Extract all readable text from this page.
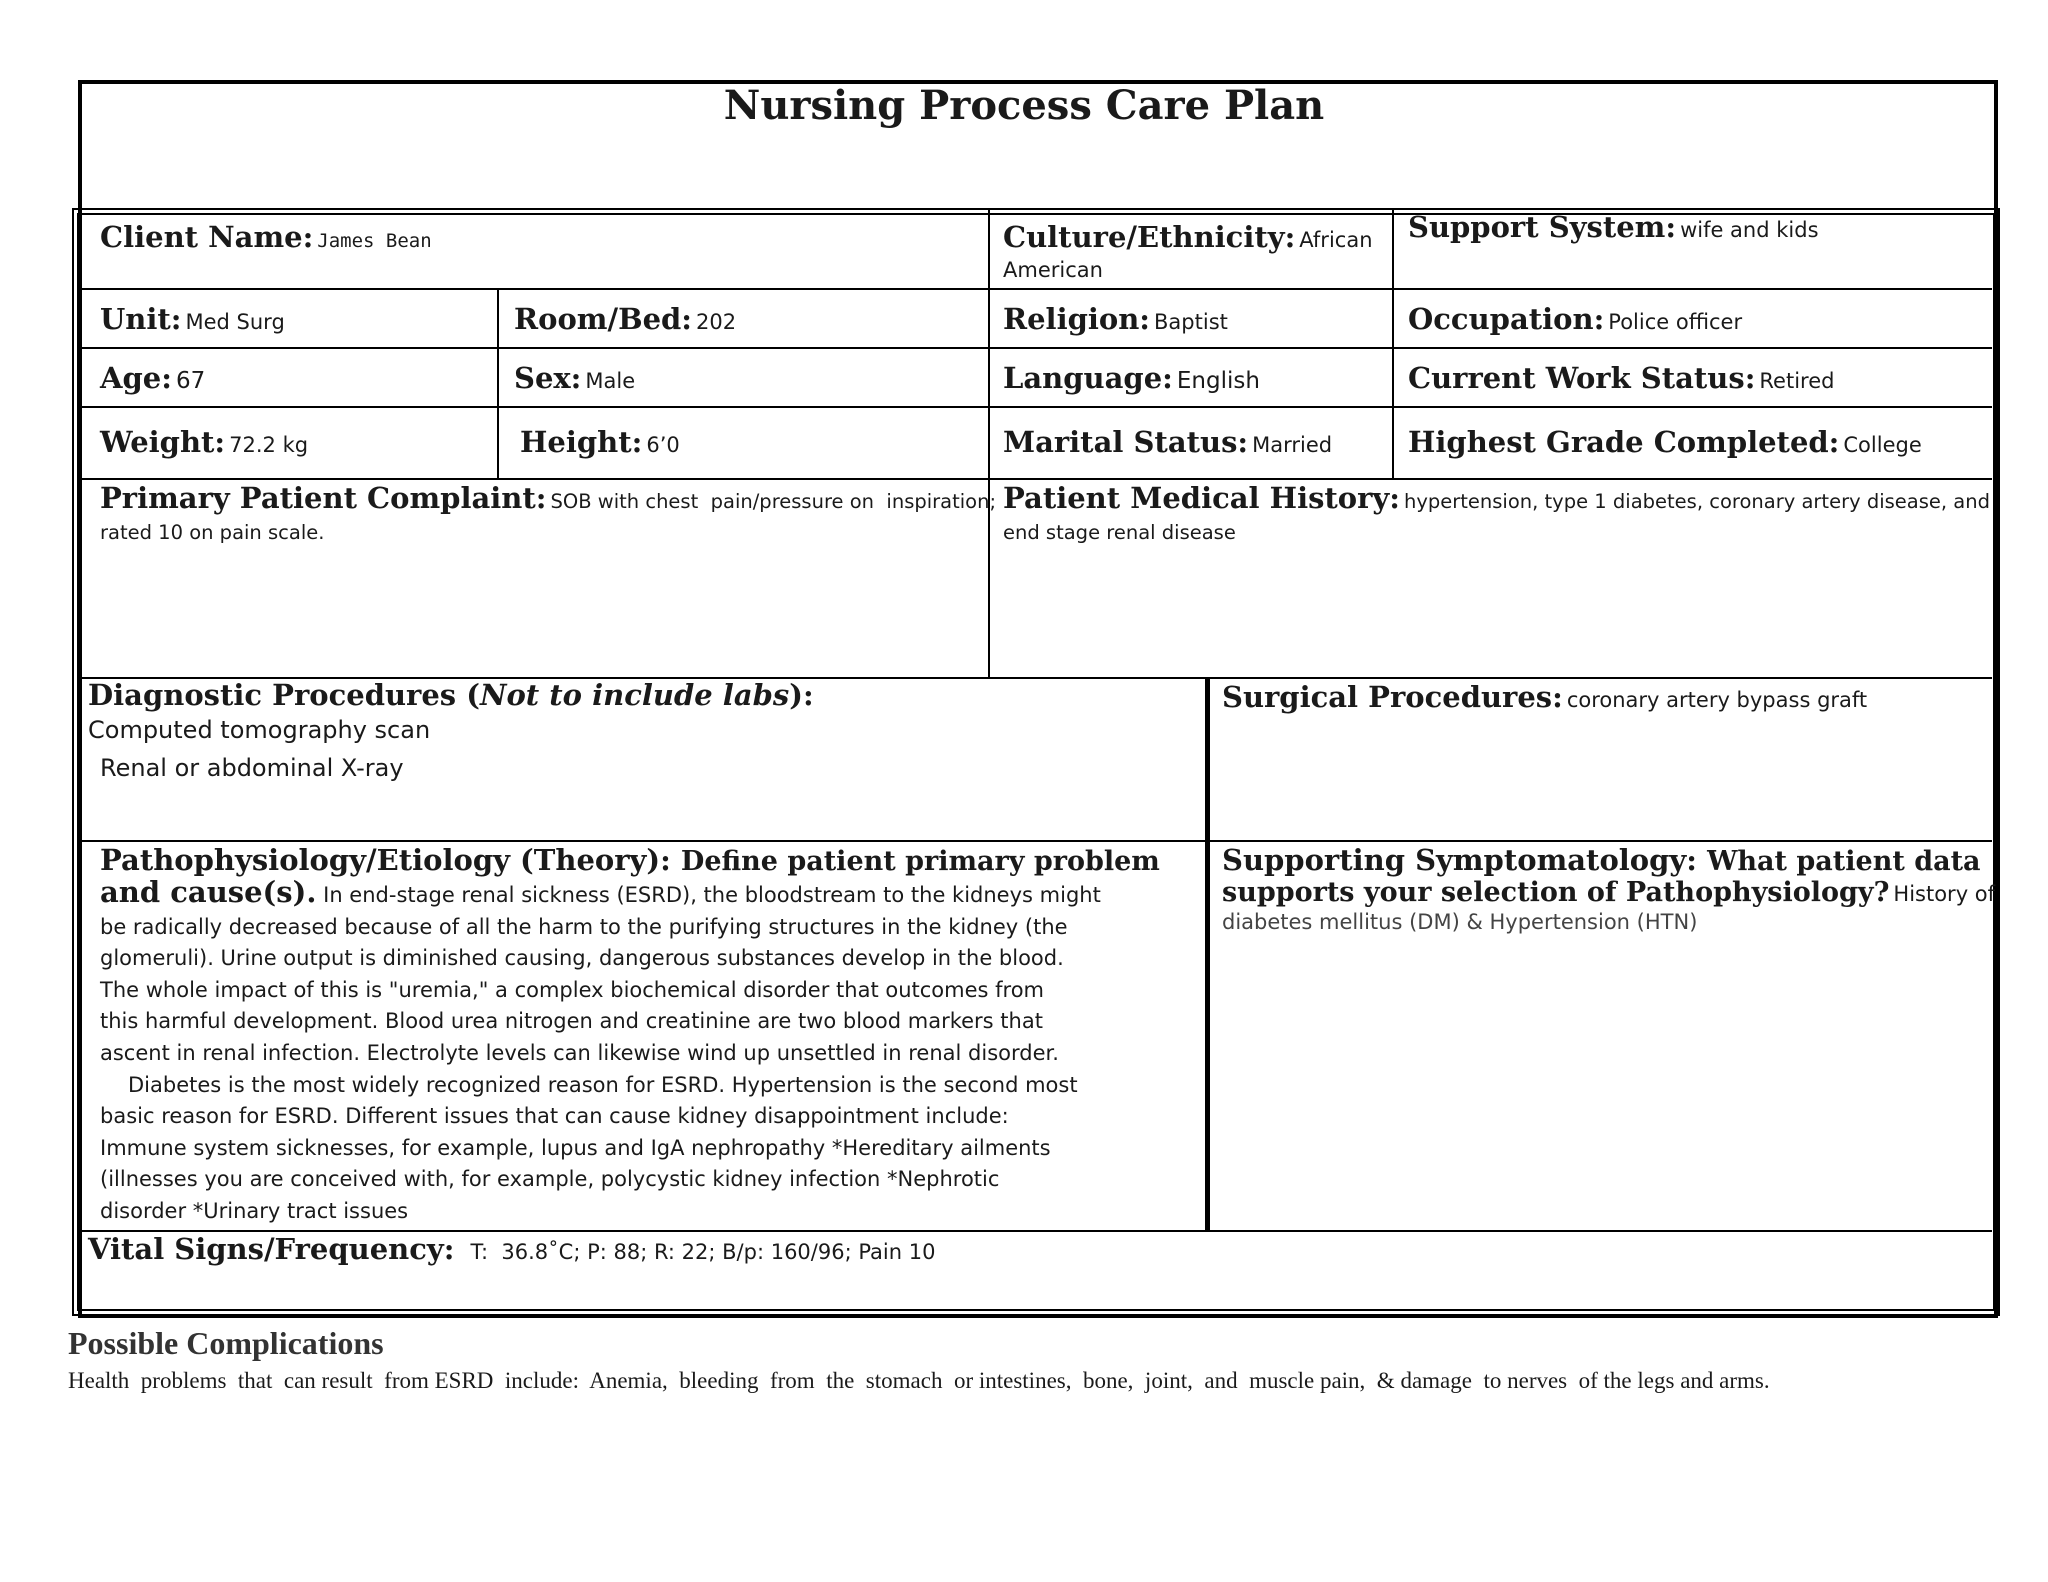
Nursing Process Care Plan
Client Name: James Bean	Culture/Ethnicity: African
American
Support System: wife and kids
Unit: Med Surg	Room/Bed: 202	Religion: Baptist	Occupation: Police officer
Age: 67	Sex: Male	Language: English	Current Work Status: Retired
Weight: 72.2 kg	Height: 6’0	Marital Status: Married	Highest Grade Completed: College
Primary Patient Complaint: SOB with chest  pain/pressure on  inspiration;
rated 10 on pain scale.
Patient Medical History: hypertension, type 1 diabetes, coronary artery disease, and
end stage renal disease
Diagnostic Procedures (Not to include labs):
Computed tomography scan
Renal or abdominal X-ray
Surgical Procedures: coronary artery bypass graft
Pathophysiology/Etiology (Theory): Define patient primary problem
and cause(s). In end-stage renal sickness (ESRD), the bloodstream to the kidneys might
be radically decreased because of all the harm to the purifying structures in the kidney (the
glomeruli). Urine output is diminished causing, dangerous substances develop in the blood.
The whole impact of this is "uremia," a complex biochemical disorder that outcomes from
this harmful development. Blood urea nitrogen and creatinine are two blood markers that
ascent in renal infection. Electrolyte levels can likewise wind up unsettled in renal disorder.
Diabetes is the most widely recognized reason for ESRD. Hypertension is the second most
basic reason for ESRD. Different issues that can cause kidney disappointment include:
Immune system sicknesses, for example, lupus and IgA nephropathy *Hereditary ailments
(illnesses you are conceived with, for example, polycystic kidney infection *Nephrotic
disorder *Urinary tract issues
Supporting Symptomatology: What patient data
supports your selection of Pathophysiology? History of
diabetes mellitus (DM) & Hypertension (HTN)
Vital Signs/Frequency: T:  36.8˚C; P: 88; R: 22; B/p: 160/96; Pain 10
Possible Complications
Health  problems  that  can result  from ESRD  include:  Anemia,  bleeding  from  the  stomach  or intestines,  bone,  joint,  and  muscle pain,  & damage  to nerves  of the legs and arms.
